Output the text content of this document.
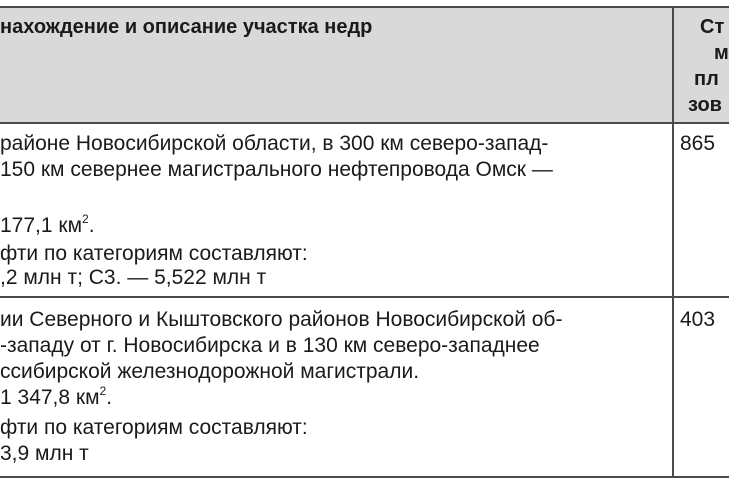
нахождение и описание участка недр	Ст
м
пл
зов
районе Новосибирской области, в 300 км северо-запад-
150 км севернее магистрального нефтепровода Омск —
177,1 $км^2$.
фти по категориям составляют:
,2 млн т; С3. — 5,522 млн т
865
ии Северного и Кыштовского районов Новосибирской об-
-западу от г. Новосибирска и в 130 км северо-западнее
ссибирской железнодорожной магистрали.
1 347,8 $км^2$.
фти по категориям составляют:
3,9 млн т
403
